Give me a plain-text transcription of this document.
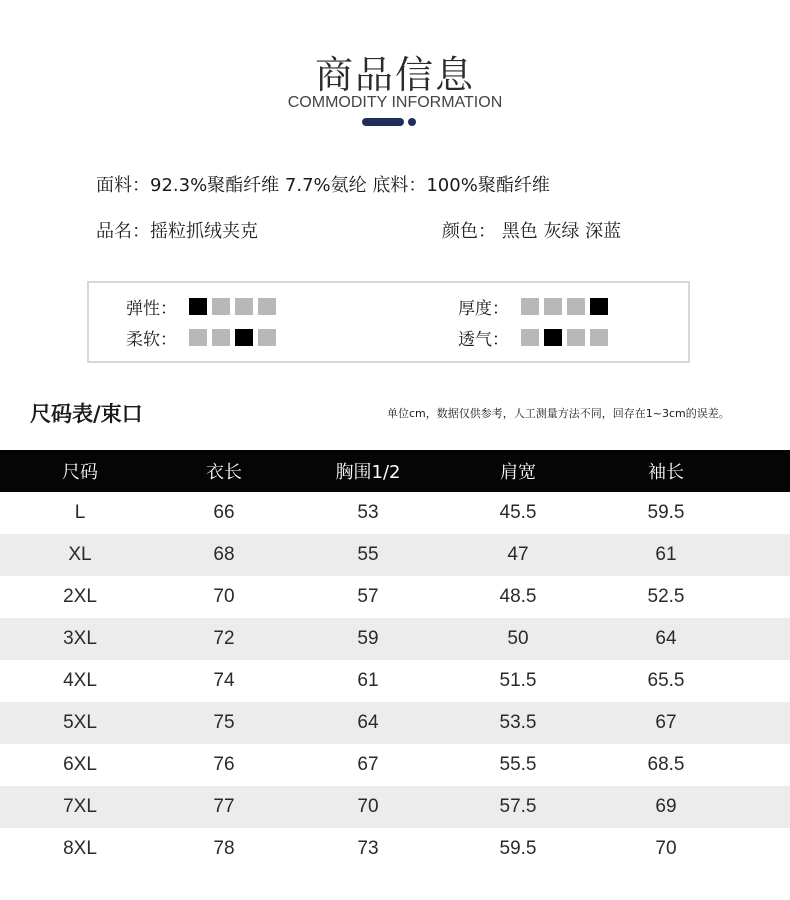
商品信息
COMMODITY INFORMATION
面料：92.3%聚酯纤维 7.7%氨纶 底料：100%聚酯纤维
品名：摇粒抓绒夹克	颜色： 黑色 灰绿 深蓝
弹性：	厚度：
柔软：	透气：
尺码表/束口	单位cm，数据仅供参考，人工测量方法不同，回存在1~3cm的误差。
尺码	衣长	胸围1/2	肩宽	袖长
L	66	53	45.5	59.5
XL	68	55	47	61
2XL	70	57	48.5	52.5
3XL	72	59	50	64
4XL	74	61	51.5	65.5
5XL	75	64	53.5	67
6XL	76	67	55.5	68.5
7XL	77	70	57.5	69
8XL	78	73	59.5	70
